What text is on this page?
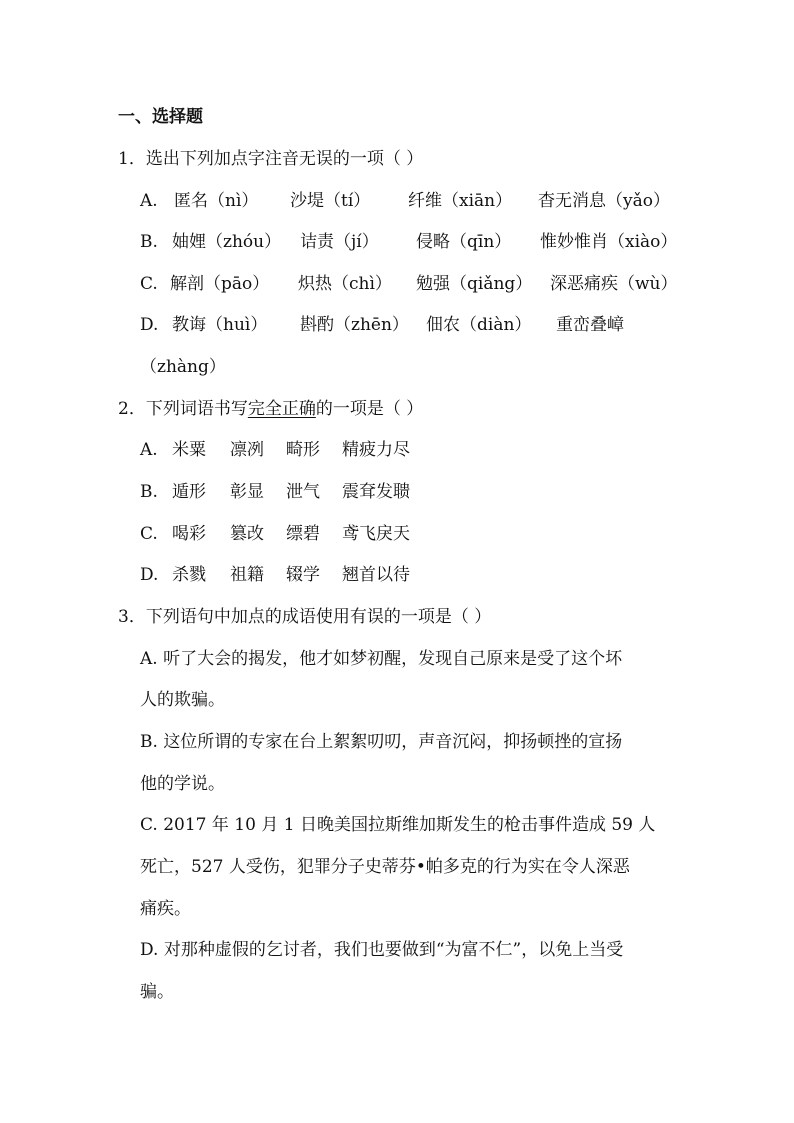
一、选择题
1．选出下列加点字注音无误的一项（ ）
A. 匿名（nì） 沙堤（tí） 纤维（xiān） 杳无消息（yǎo）
B. 妯娌（zhóu） 诘责（jí） 侵略（qīn） 惟妙惟肖（xiào）
C. 解剖（pāo） 炽热（chì） 勉强（qiǎng） 深恶痛疾（wù）
D. 教诲（huì） 斟酌（zhēn） 佃农（diàn） 重峦叠嶂
（zhàng）
2．下列词语书写完全正确的一项是（ ）
A. 米粟 凛冽 畸形 精疲力尽
B. 遁形 彰显 泄气 震耷发聩
C. 喝彩 篡改 缥碧 鸢飞戾天
D. 杀戮 祖籍 辍学 翘首以待
3．下列语句中加点的成语使用有误的一项是（ ）
A. 听了大会的揭发，他才如梦初醒，发现自己原来是受了这个坏
人的欺骗。
B. 这位所谓的专家在台上絮絮叨叨，声音沉闷，抑扬顿挫的宣扬
他的学说。
C. 2017 年 10 月 1 日晚美国拉斯维加斯发生的枪击事件造成 59 人
死亡，527 人受伤，犯罪分子史蒂芬•帕多克的行为实在令人深恶
痛疾。
D. 对那种虚假的乞讨者，我们也要做到“为富不仁”，以免上当受
骗。
